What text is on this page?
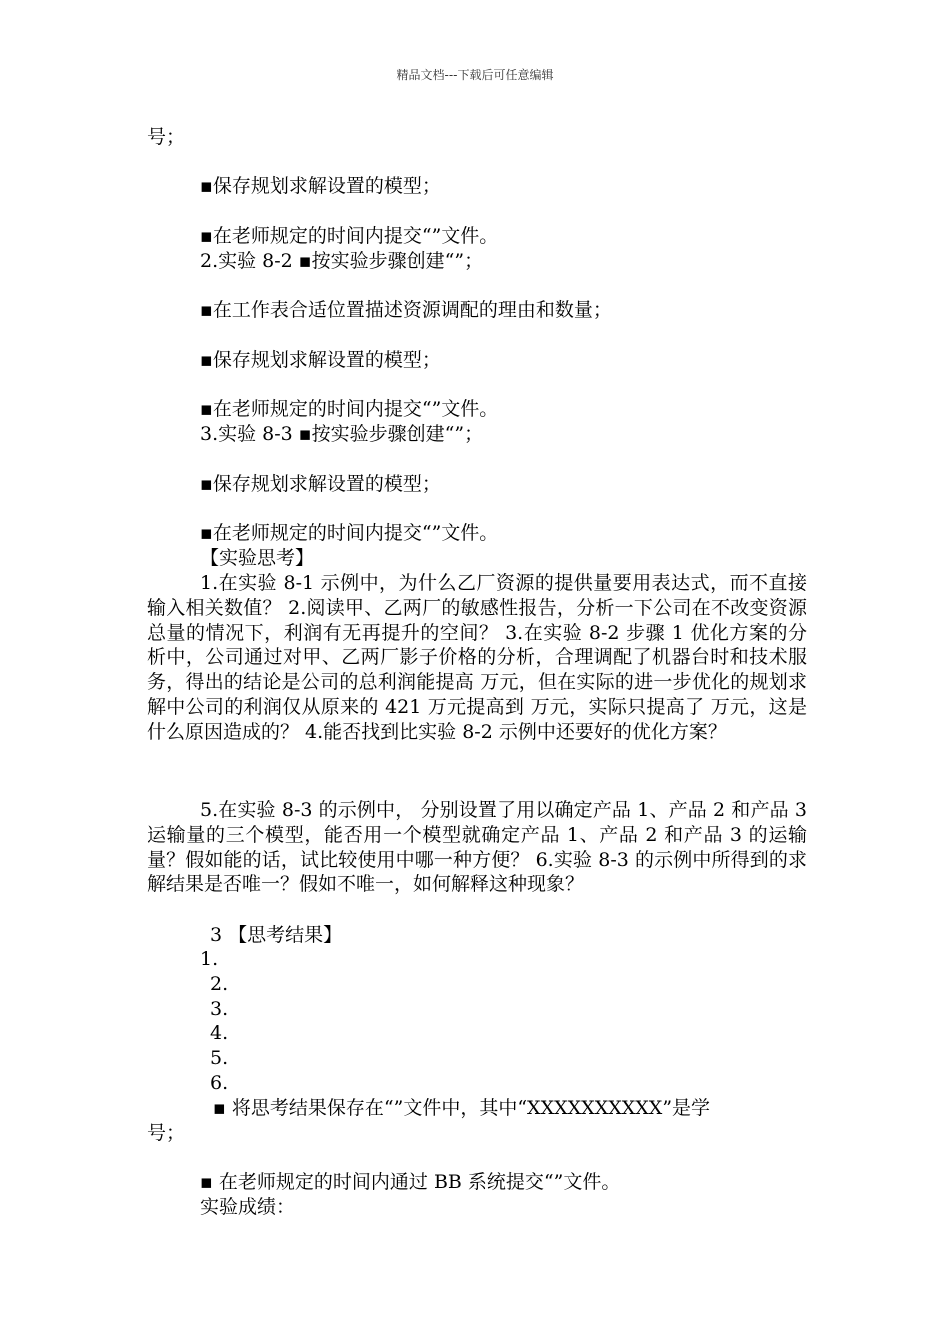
精品文档---下载后可任意编辑
号；
▪保存规划求解设置的模型；
▪在老师规定的时间内提交“”文件。
2.实验 8-2 ▪按实验步骤创建“”；
▪在工作表合适位置描述资源调配的理由和数量；
▪保存规划求解设置的模型；
▪在老师规定的时间内提交“”文件。
3.实验 8-3 ▪按实验步骤创建“”；
▪保存规划求解设置的模型；
▪在老师规定的时间内提交“”文件。
【实验思考】
1.在实验 8-1 示例中，为什么乙厂资源的提供量要用表达式，而不直接输入相关数值？ 2.阅读甲、乙两厂的敏感性报告，分析一下公司在不改变资源总量的情况下，利润有无再提升的空间？ 3.在实验 8-2 步骤 1 优化方案的分析中，公司通过对甲、乙两厂影子价格的分析，合理调配了机器台时和技术服务，得出的结论是公司的总利润能提高 万元，但在实际的进一步优化的规划求解中公司的利润仅从原来的 421 万元提高到 万元，实际只提高了 万元，这是什么原因造成的？ 4.能否找到比实验 8-2 示例中还要好的优化方案？
5.在实验 8-3 的示例中， 分别设置了用以确定产品 1、产品 2 和产品 3 运输量的三个模型，能否用一个模型就确定产品 1、产品 2 和产品 3 的运输量？假如能的话，试比较使用中哪一种方便？ 6.实验 8-3 的示例中所得到的求解结果是否唯一？假如不唯一，如何解释这种现象？
3 【思考结果】
1.
2.
3.
4.
5.
6.
▪ 将思考结果保存在“”文件中，其中“XXXXXXXXXX”是学
号；
▪ 在老师规定的时间内通过 BB 系统提交“”文件。
实验成绩：
